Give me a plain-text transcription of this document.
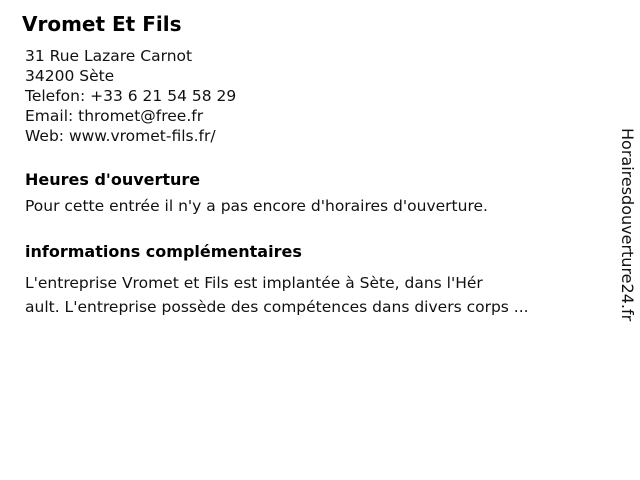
Vromet Et Fils
31 Rue Lazare Carnot
34200 Sète
Telefon: +33 6 21 54 58 29
Email: thromet@free.fr
Web: www.vromet-fils.fr/
Heures d'ouverture
Pour cette entrée il n'y a pas encore d'horaires d'ouverture.
informations complémentaires
L'entreprise Vromet et Fils est implantée à Sète, dans l'Hér
ault. L'entreprise possède des compétences dans divers corps ...	Horairesdouverture24.fr
